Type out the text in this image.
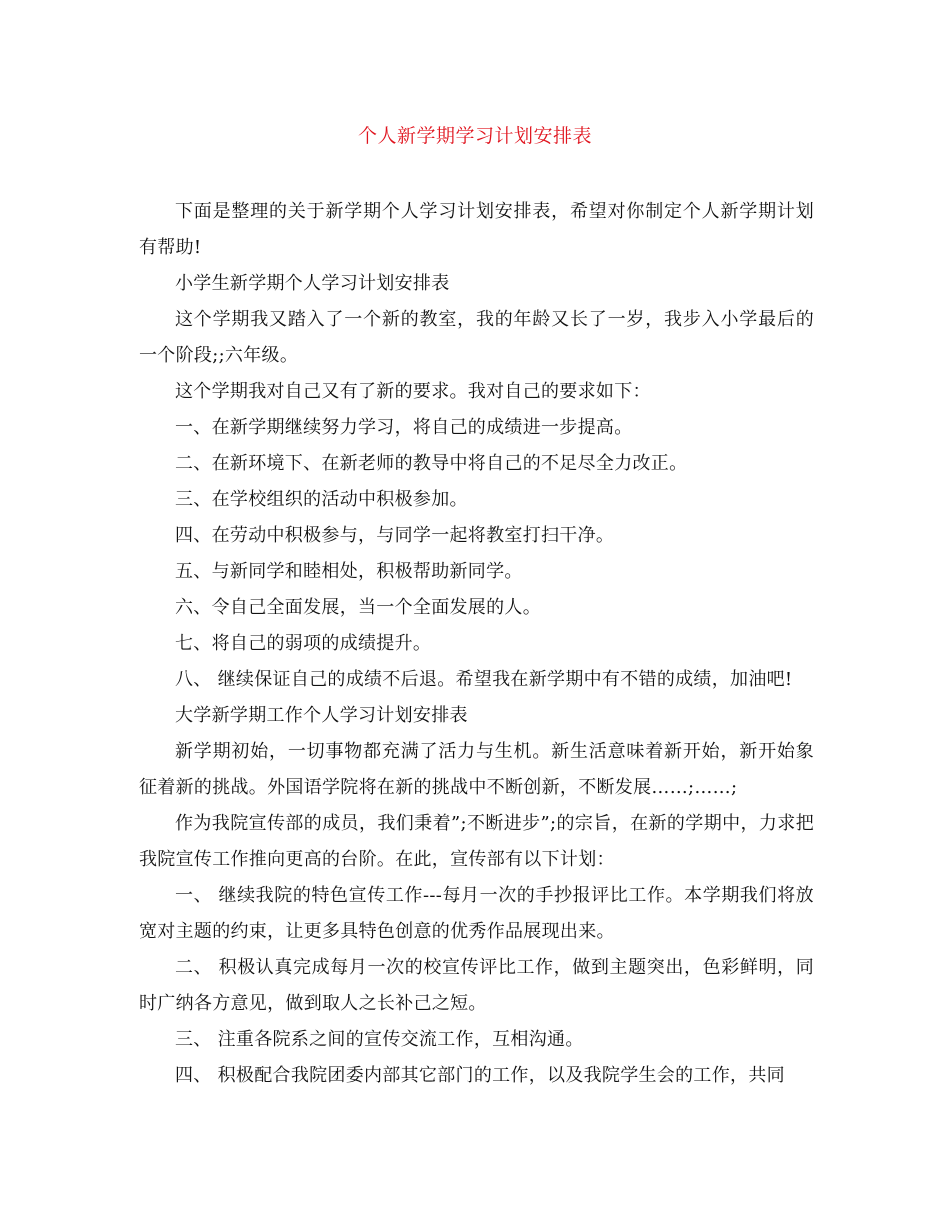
个人新学期学习计划安排表

下面是整理的关于新学期个人学习计划安排表，希望对你制定个人新学期计划有帮助!

小学生新学期个人学习计划安排表

这个学期我又踏入了一个新的教室，我的年龄又长了一岁，我步入小学最后的一个阶段;;六年级。

这个学期我对自己又有了新的要求。我对自己的要求如下：

一、在新学期继续努力学习，将自己的成绩进一步提高。

二、在新环境下、在新老师的教导中将自己的不足尽全力改正。

三、在学校组织的活动中积极参加。

四、在劳动中积极参与，与同学一起将教室打扫干净。

五、与新同学和睦相处，积极帮助新同学。

六、令自己全面发展，当一个全面发展的人。

七、将自己的弱项的成绩提升。

八、 继续保证自己的成绩不后退。希望我在新学期中有不错的成绩，加油吧!

大学新学期工作个人学习计划安排表

新学期初始，一切事物都充满了活力与生机。新生活意味着新开始，新开始象征着新的挑战。外国语学院将在新的挑战中不断创新，不断发展……;……;

作为我院宣传部的成员，我们秉着”;不断进步”;的宗旨，在新的学期中，力求把我院宣传工作推向更高的台阶。在此，宣传部有以下计划：

一、 继续我院的特色宣传工作---每月一次的手抄报评比工作。本学期我们将放宽对主题的约束，让更多具特色创意的优秀作品展现出来。

二、 积极认真完成每月一次的校宣传评比工作，做到主题突出，色彩鲜明，同时广纳各方意见，做到取人之长补己之短。

三、 注重各院系之间的宣传交流工作，互相沟通。

四、 积极配合我院团委内部其它部门的工作，以及我院学生会的工作，共同
